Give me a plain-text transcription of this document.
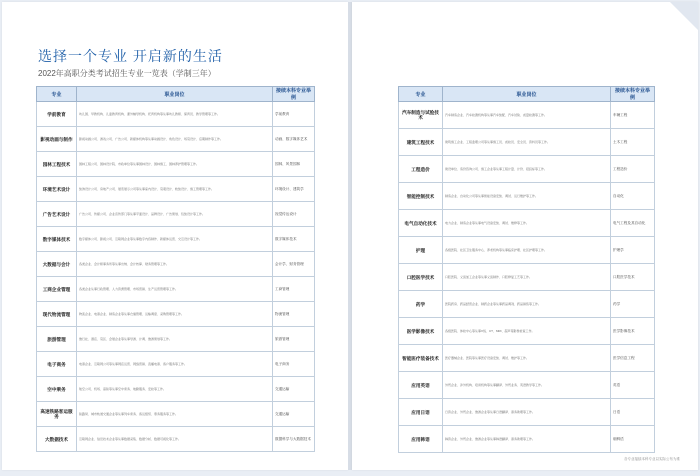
选择一个专业 开启新的生活
2022年高职分类考试招生专业一览表（学制三年）
专业	职业岗位	接续本科专业举例
学前教育	幼儿园、早教机构、儿童教育机构、课外辅导机构、托育机构等从事幼儿教师、保育员、教学管理等工作。	学前教育
影视动画与制作	影视动画公司、游戏公司、广告公司、新媒体机构等从事动画设计、角色设计、场景设计、后期制作等工作。	动画、数字媒体艺术
园林工程技术	园林工程公司、园林设计院、市政单位等从事园林设计、园林施工、园林养护管理等工作。	园林、风景园林
环境艺术设计	装饰设计公司、房地产公司、展览展示公司等从事室内设计、景观设计、软装设计、施工管理等工作。	环境设计、建筑学
广告艺术设计	广告公司、传媒公司、企业宣传部门等从事平面设计、品牌设计、广告策划、包装设计等工作。	视觉传达设计
数字媒体技术	数字媒体公司、影视公司、互联网企业等从事数字内容制作、新媒体运营、交互设计等工作。	数字媒体技术
大数据与会计	各类企业、会计师事务所等从事出纳、会计核算、财务管理等工作。	会计学、财务管理
工商企业管理	各类企业从事行政管理、人力资源管理、市场营销、生产运营管理等工作。	工商管理
现代物流管理	物流企业、电商企业、制造企业等从事仓储管理、运输调度、采购管理等工作。	物流管理
旅游管理	旅行社、酒店、景区、会展企业等从事导游、计调、旅游策划等工作。	旅游管理
电子商务	电商企业、互联网公司等从事网店运营、网络营销、直播电商、客户服务等工作。	电子商务
空中乘务	航空公司、机场、高铁等从事空中乘务、地勤服务、安检等工作。	交通运输
高速铁路客运服务	铁路局、城市轨道交通企业等从事列车乘务、客运组织、票务服务等工作。	交通运输
大数据技术	互联网企业、信息技术企业等从事数据采集、数据分析、数据可视化等工作。	数据科学与大数据技术
专业	职业岗位	接续本科专业举例
汽车制造与试验技术	汽车制造企业、汽车检测机构等从事汽车装配、汽车试验、质量检测等工作。	车辆工程
建筑工程技术	建筑施工企业、工程监理公司等从事施工员、质检员、安全员、资料员等工作。	土木工程
工程造价	建设单位、造价咨询公司、施工企业等从事工程计量、计价、招投标等工作。	工程造价
智能控制技术	制造企业、自动化公司等从事智能设备安装、调试、运行维护等工作。	自动化
电气自动化技术	电力企业、制造企业等从事电气设备安装、调试、维修等工作。	电气工程及其自动化
护理	各级医院、社区卫生服务中心、养老机构等从事临床护理、社区护理等工作。	护理学
口腔医学技术	口腔医院、义齿加工企业等从事义齿制作、口腔修复工艺等工作。	口腔医学技术
药学	医院药房、药品经营企业、制药企业等从事药品调剂、药品销售等工作。	药学
医学影像技术	各级医院、体检中心等从事X线、CT、MRI、超声等影像检查工作。	医学影像技术
智能医疗装备技术	医疗器械企业、医院等从事医疗设备安装、调试、维护等工作。	医学信息工程
应用英语	外贸企业、涉外机构、培训机构等从事翻译、外贸业务、英语教学等工作。	英语
应用日语	日资企业、外贸企业、旅游企业等从事日语翻译、商务助理等工作。	日语
应用韩语	韩资企业、外贸企业、旅游企业等从事韩语翻译、商务助理等工作。	朝鲜语
各专业接续本科专业以实际公布为准
